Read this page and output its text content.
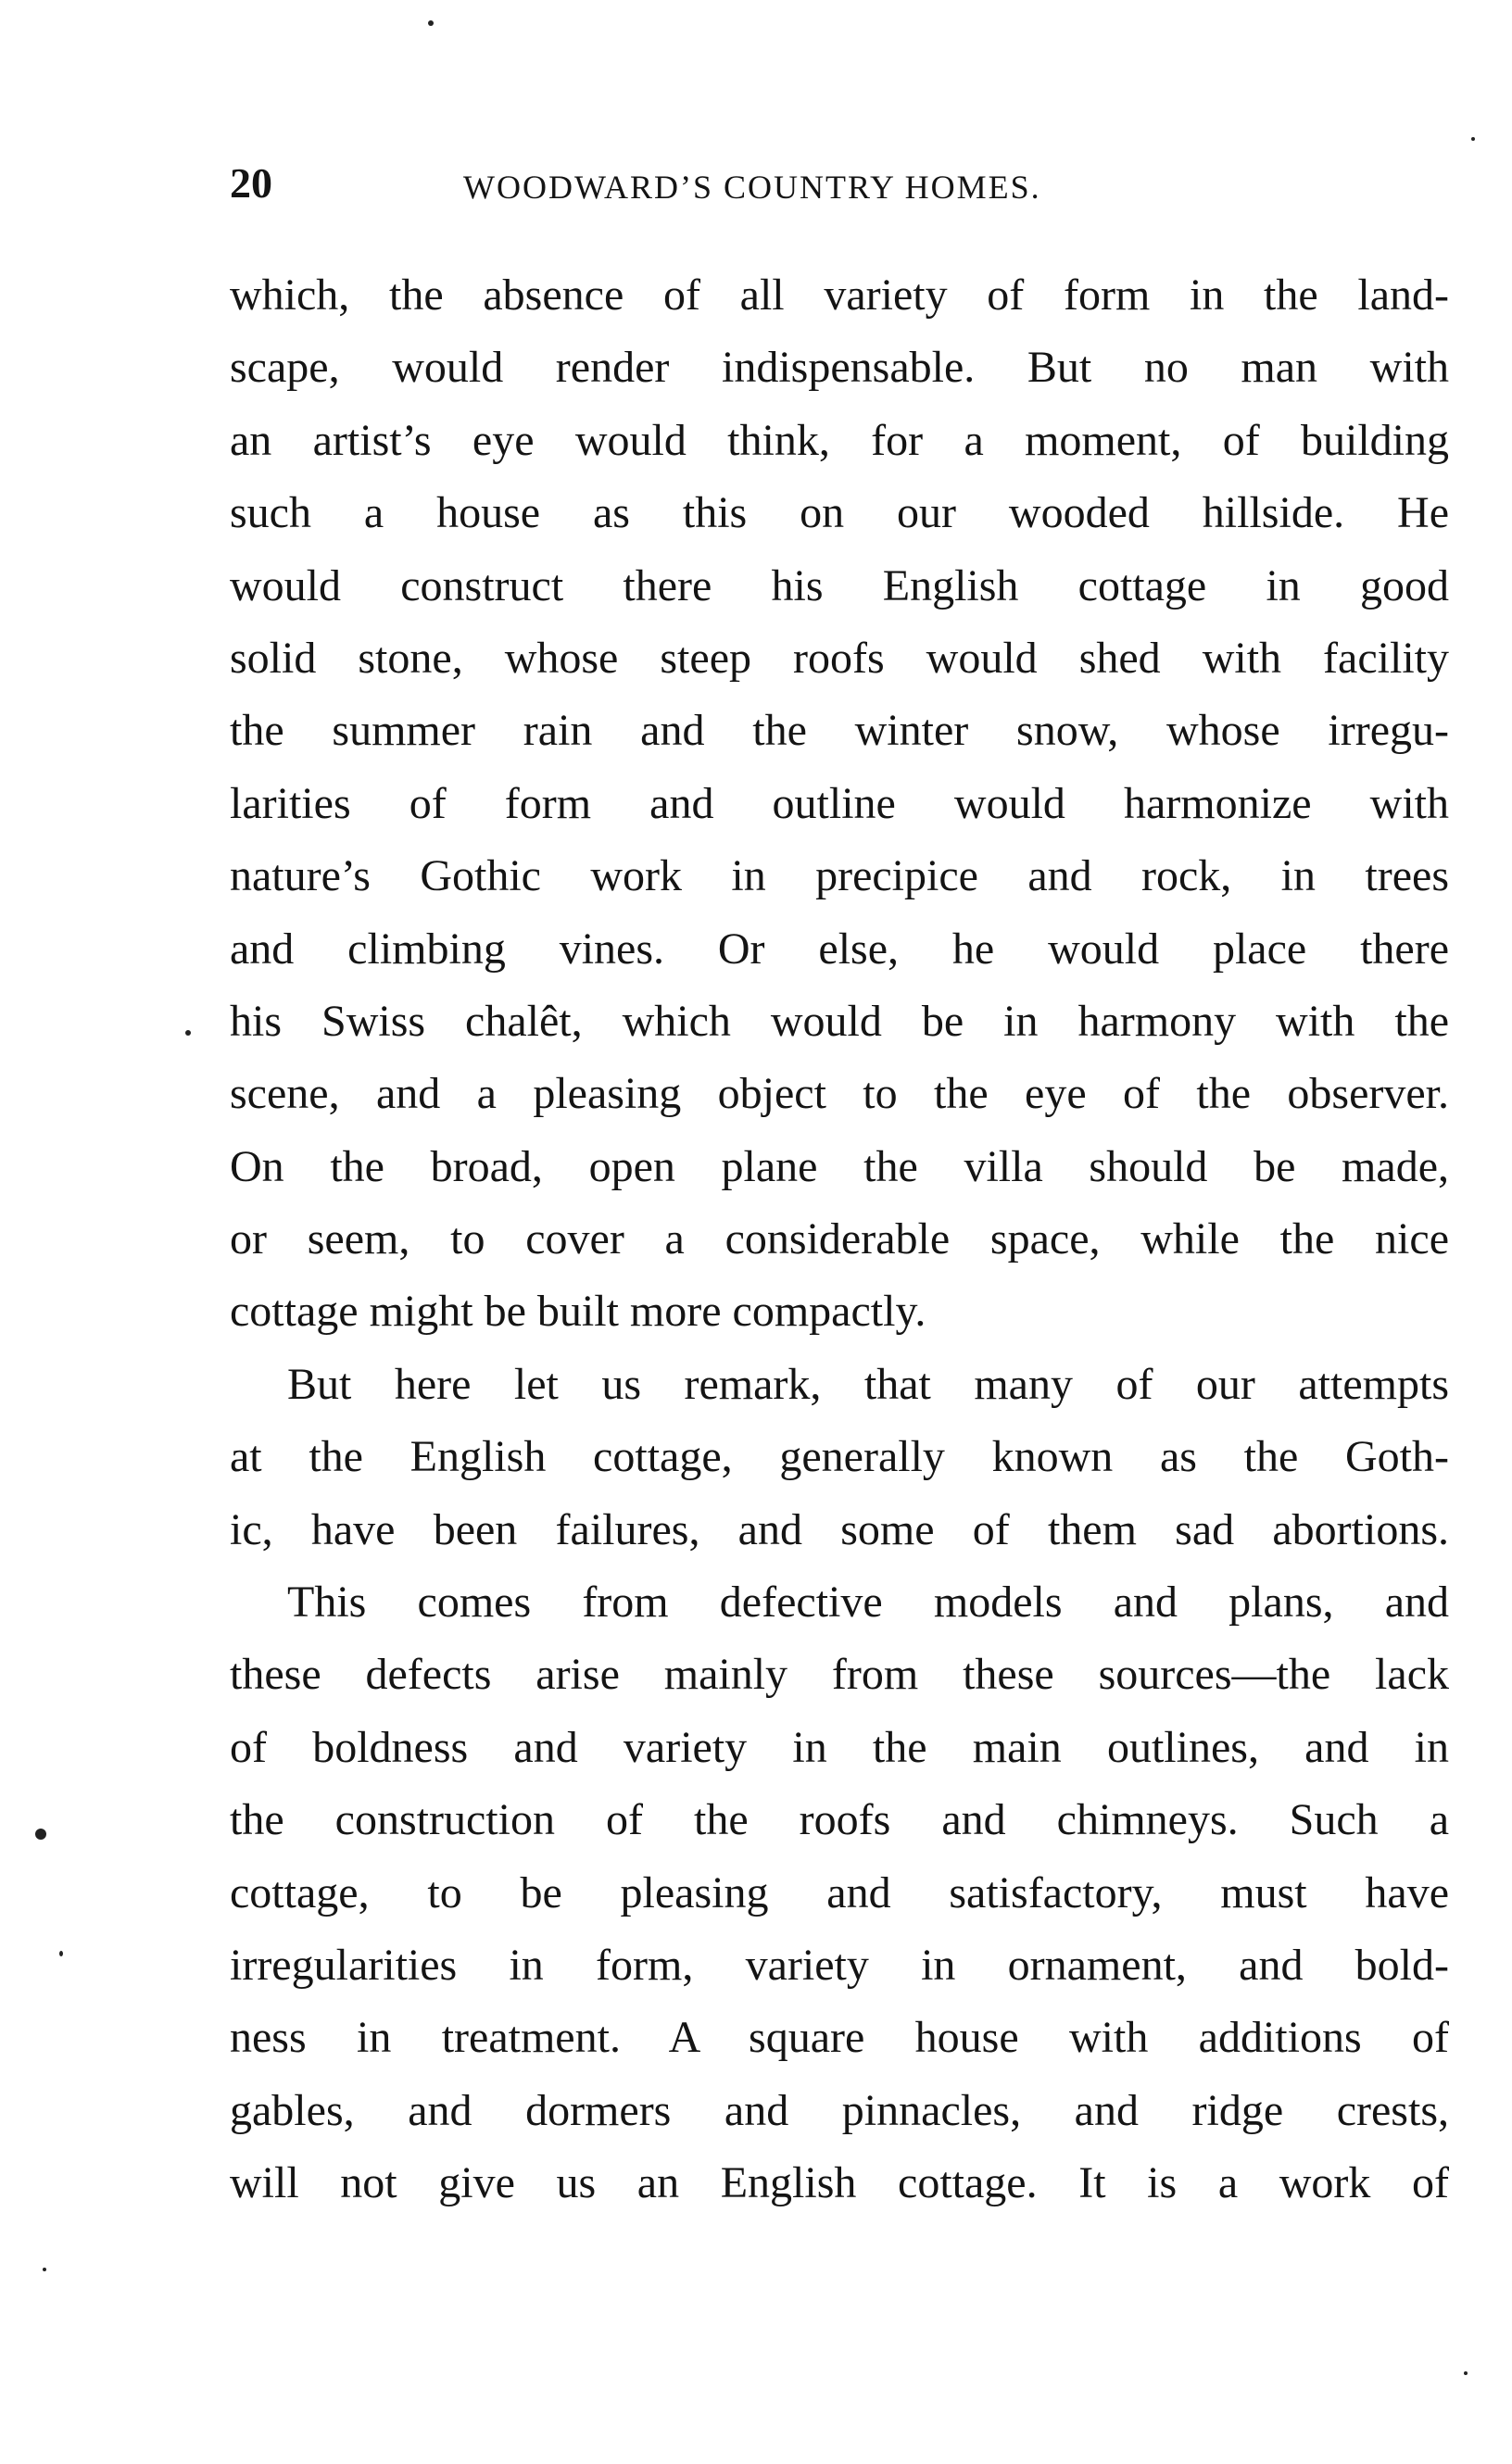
20	WOODWARD’S COUNTRY HOMES.
which, the absence of all variety of form in the land-
scape, would render indispensable. But no man with
an artist’s eye would think, for a moment, of building
such a house as this on our wooded hillside. He
would construct there his English cottage in good
solid stone, whose steep roofs would shed with facility
the summer rain and the winter snow, whose irregu-
larities of form and outline would harmonize with
nature’s Gothic work in precipice and rock, in trees
and climbing vines. Or else, he would place there
his Swiss chalêt, which would be in harmony with the
scene, and a pleasing object to the eye of the observer.
On the broad, open plane the villa should be made,
or seem, to cover a considerable space, while the nice
cottage might be built more compactly.
But here let us remark, that many of our attempts
at the English cottage, generally known as the Goth-
ic, have been failures, and some of them sad abortions.
This comes from defective models and plans, and
these defects arise mainly from these sources—the lack
of boldness and variety in the main outlines, and in
the construction of the roofs and chimneys. Such a
cottage, to be pleasing and satisfactory, must have
irregularities in form, variety in ornament, and bold-
ness in treatment. A square house with additions of
gables, and dormers and pinnacles, and ridge crests,
will not give us an English cottage. It is a work of
